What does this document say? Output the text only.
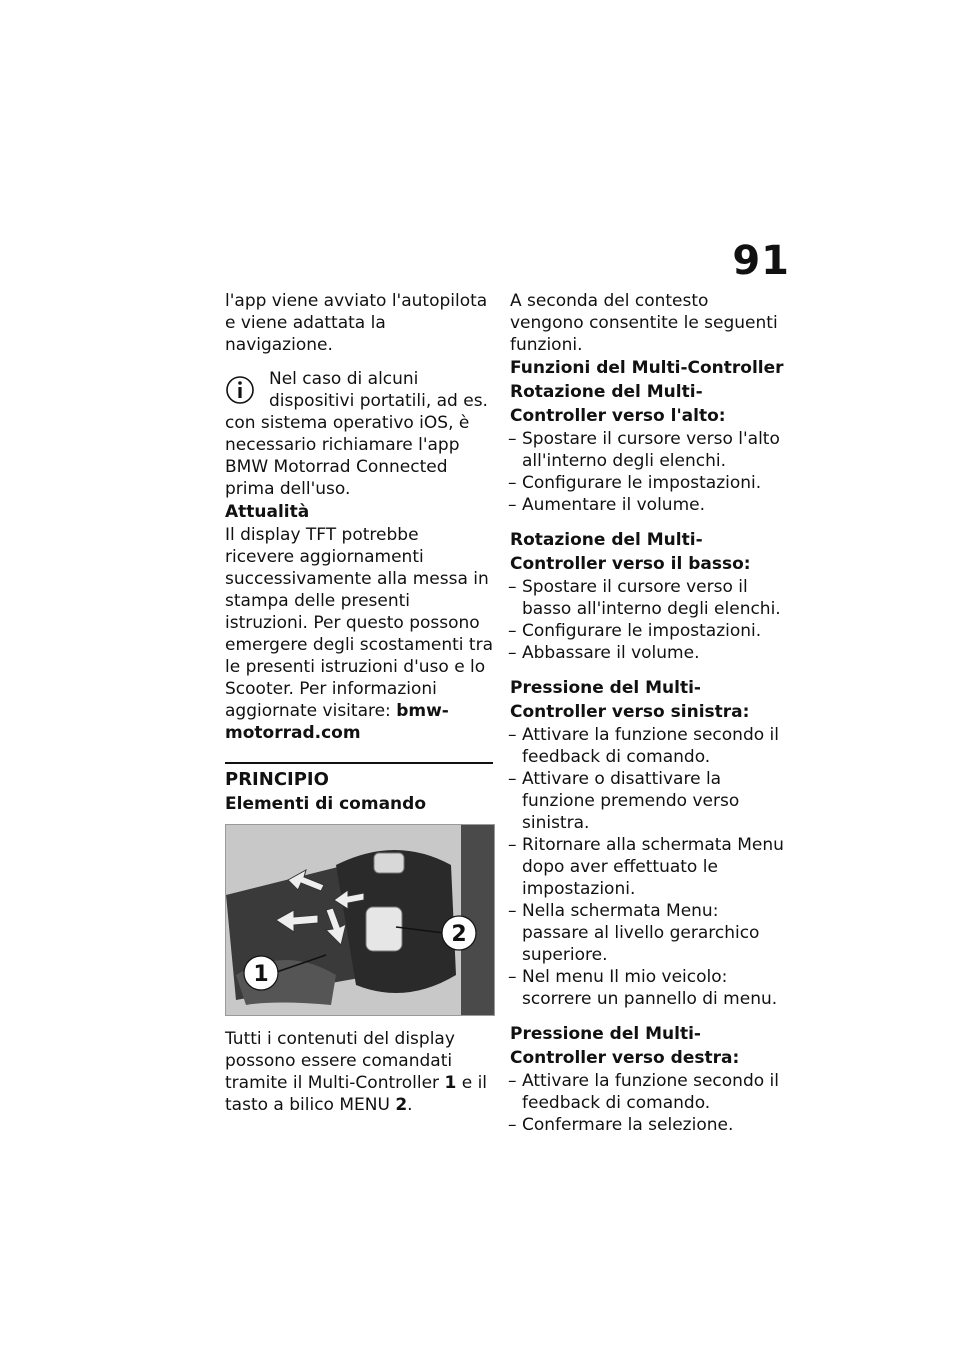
91

l'app viene avviato l'autopilota e viene adattata la navigazione.

Nel caso di alcuni

dispositivi portatili, ad es.

con sistema operativo iOS, è necessario richiamare l'app BMW Motorrad Connected prima dell'uso.

Attualità

Il display TFT potrebbe ricevere aggiornamenti successivamente alla messa in stampa delle presenti istruzioni. Per questo possono emergere degli scostamenti tra le presenti istruzioni d'uso e lo Scooter. Per informazioni aggiornate visitare: bmw-motorrad.com

PRINCIPIO

Elementi di comando

1
2

Tutti i contenuti del display possono essere comandati tramite il Multi-Controller 1 e il tasto a bilico MENU 2.

A seconda del contesto vengono consentite le seguenti funzioni.

Funzioni del Multi-Controller

Rotazione del Multi-Controller verso l'alto:

– Spostare il cursore verso l'alto all'interno degli elenchi.
– Configurare le impostazioni.
– Aumentare il volume.

Rotazione del Multi-Controller verso il basso:

– Spostare il cursore verso il basso all'interno degli elenchi.
– Configurare le impostazioni.
– Abbassare il volume.

Pressione del Multi-Controller verso sinistra:

– Attivare la funzione secondo il feedback di comando.
– Attivare o disattivare la funzione premendo verso sinistra.
– Ritornare alla schermata Menu dopo aver effettuato le impostazioni.
– Nella schermata Menu: passare al livello gerarchico superiore.
– Nel menu Il mio veicolo: scorrere un pannello di menu.

Pressione del Multi-Controller verso destra:

– Attivare la funzione secondo il feedback di comando.
– Confermare la selezione.
